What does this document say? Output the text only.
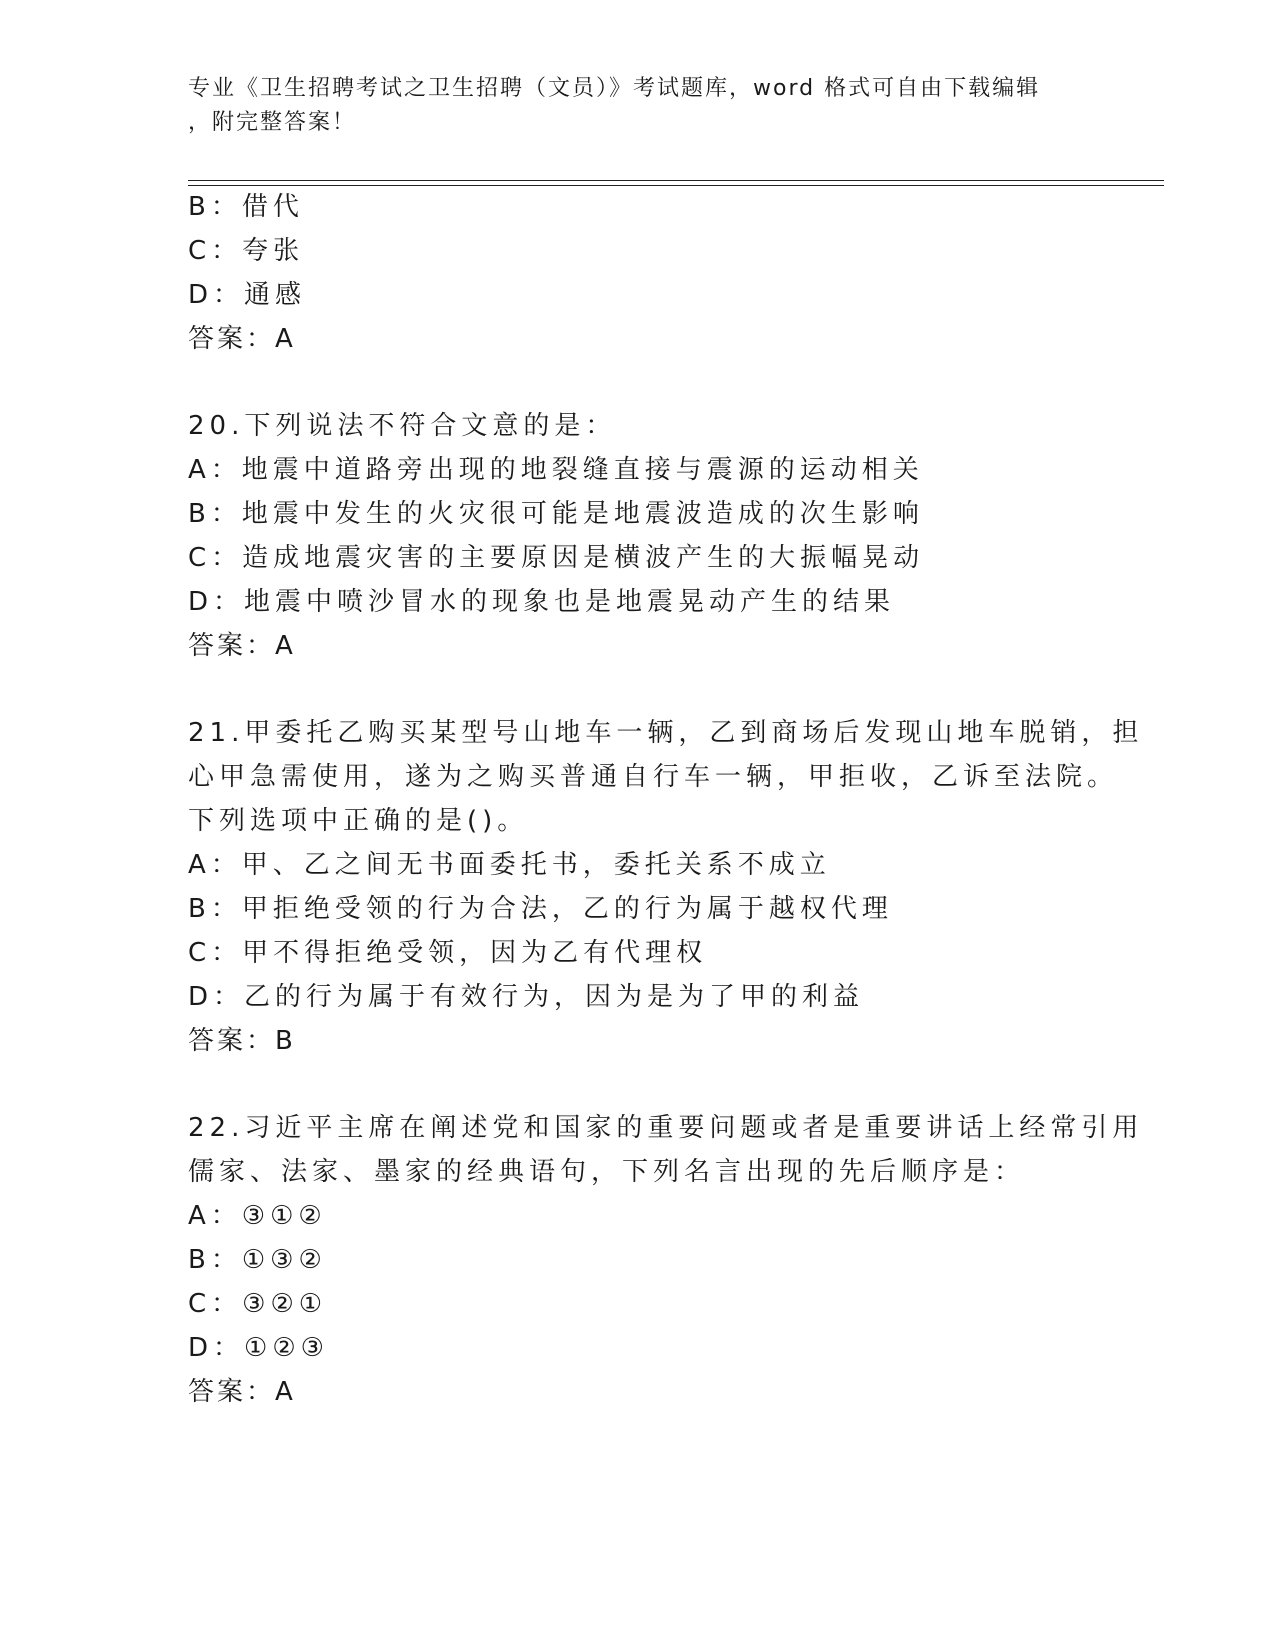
专业《卫生招聘考试之卫生招聘（文员）》考试题库，word 格式可自由下载编辑
，附完整答案！
B：借代
C：夸张
D：通感
答案：A
20.下列说法不符合文意的是：
A：地震中道路旁出现的地裂缝直接与震源的运动相关
B：地震中发生的火灾很可能是地震波造成的次生影响
C：造成地震灾害的主要原因是横波产生的大振幅晃动
D：地震中喷沙冒水的现象也是地震晃动产生的结果
答案：A
21.甲委托乙购买某型号山地车一辆，乙到商场后发现山地车脱销，担
心甲急需使用，遂为之购买普通自行车一辆，甲拒收，乙诉至法院。
下列选项中正确的是()。
A：甲、乙之间无书面委托书，委托关系不成立
B：甲拒绝受领的行为合法，乙的行为属于越权代理
C：甲不得拒绝受领，因为乙有代理权
D：乙的行为属于有效行为，因为是为了甲的利益
答案：B
22.习近平主席在阐述党和国家的重要问题或者是重要讲话上经常引用
儒家、法家、墨家的经典语句，下列名言出现的先后顺序是：
A：③①②
B：①③②
C：③②①
D：①②③
答案：A
